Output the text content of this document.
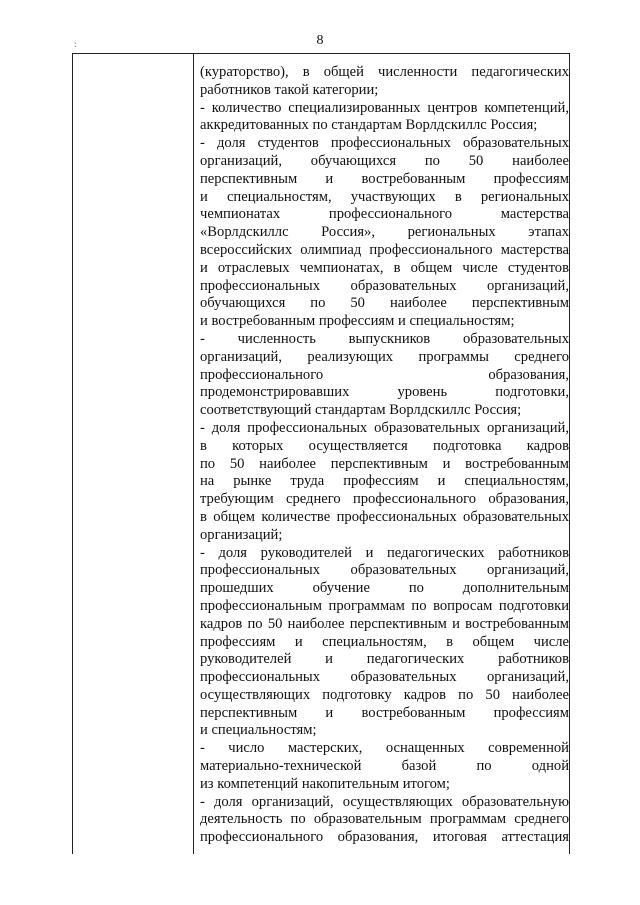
8
:
(кураторство), в общей численности педагогических
работников такой категории;
- количество специализированных центров компетенций,
аккредитованных по стандартам Ворлдскиллс Россия;
- доля студентов профессиональных образовательных
организаций, обучающихся по 50 наиболее
перспективным и востребованным профессиям
и специальностям, участвующих в региональных
чемпионатах профессионального мастерства
«Ворлдскиллс Россия», региональных этапах
всероссийских олимпиад профессионального мастерства
и отраслевых чемпионатах, в общем числе студентов
профессиональных образовательных организаций,
обучающихся по 50 наиболее перспективным
и востребованным профессиям и специальностям;
- численность выпускников образовательных
организаций, реализующих программы среднего
профессионального образования,
продемонстрировавших уровень подготовки,
соответствующий стандартам Ворлдскиллс Россия;
- доля профессиональных образовательных организаций,
в которых осуществляется подготовка кадров
по 50 наиболее перспективным и востребованным
на рынке труда профессиям и специальностям,
требующим среднего профессионального образования,
в общем количестве профессиональных образовательных
организаций;
- доля руководителей и педагогических работников
профессиональных образовательных организаций,
прошедших обучение по дополнительным
профессиональным программам по вопросам подготовки
кадров по 50 наиболее перспективным и востребованным
профессиям и специальностям, в общем числе
руководителей и педагогических работников
профессиональных образовательных организаций,
осуществляющих подготовку кадров по 50 наиболее
перспективным и востребованным профессиям
и специальностям;
- число мастерских, оснащенных современной
материально-технической базой по одной
из компетенций накопительным итогом;
- доля организаций, осуществляющих образовательную
деятельность по образовательным программам среднего
профессионального образования, итоговая аттестация
